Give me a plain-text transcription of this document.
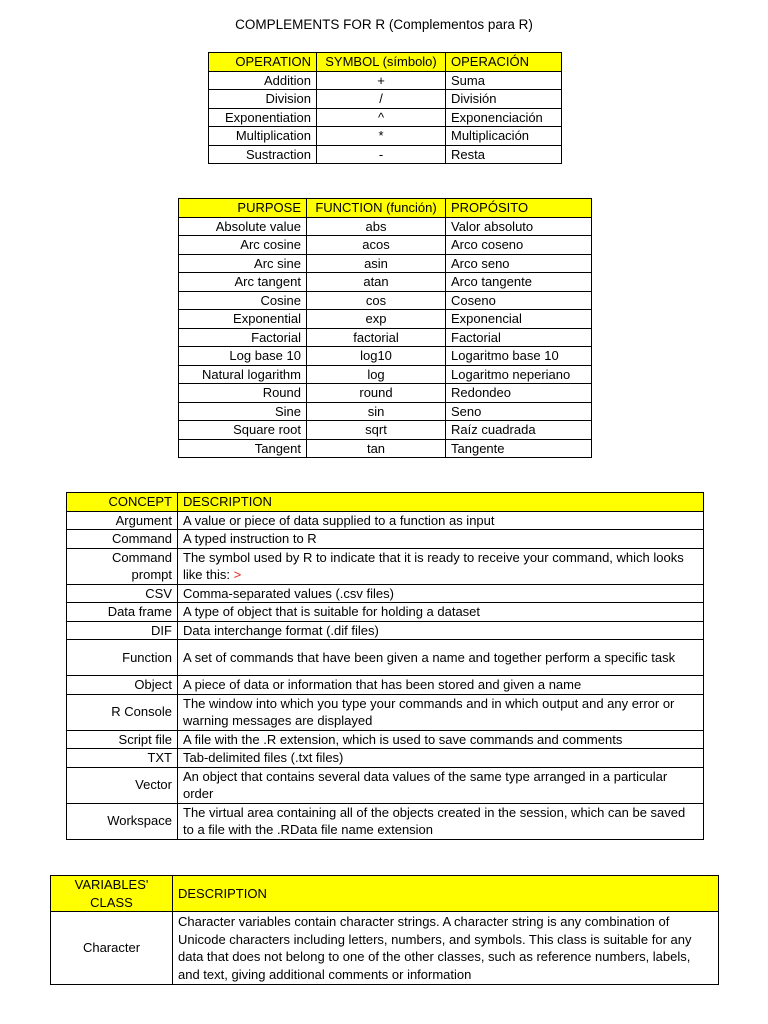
COMPLEMENTS FOR R (Complementos para R)
OPERATION	SYMBOL (símbolo)	OPERACIÓN
Addition	+	Suma
Division	/	División
Exponentiation	^	Exponenciación
Multiplication	*	Multiplicación
Sustraction	-	Resta
PURPOSE	FUNCTION (función)	PROPÓSITO
Absolute value	abs	Valor absoluto
Arc cosine	acos	Arco coseno
Arc sine	asin	Arco seno
Arc tangent	atan	Arco tangente
Cosine	cos	Coseno
Exponential	exp	Exponencial
Factorial	factorial	Factorial
Log base 10	log10	Logaritmo base 10
Natural logarithm	log	Logaritmo neperiano
Round	round	Redondeo
Sine	sin	Seno
Square root	sqrt	Raíz cuadrada
Tangent	tan	Tangente
CONCEPT	DESCRIPTION
Argument	A value or piece of data supplied to a function as input
Command	A typed instruction to R
Command prompt	The symbol used by R to indicate that it is ready to receive your command, which looks like this: >
CSV	Comma-separated values (.csv files)
Data frame	A type of object that is suitable for holding a dataset
DIF	Data interchange format (.dif files)
Function	A set of commands that have been given a name and together perform a specific task
Object	A piece of data or information that has been stored and given a name
R Console	The window into which you type your commands and in which output and any error or warning messages are displayed
Script file	A file with the .R extension, which is used to save commands and comments
TXT	Tab-delimited files (.txt files)
Vector	An object that contains several data values of the same type arranged in a particular order
Workspace	The virtual area containing all of the objects created in the session, which can be saved to a file with the .RData file name extension
VARIABLES' CLASS	DESCRIPTION
Character	Character variables contain character strings. A character string is any combination of Unicode characters including letters, numbers, and symbols. This class is suitable for any data that does not belong to one of the other classes, such as reference numbers, labels, and text, giving additional comments or information
